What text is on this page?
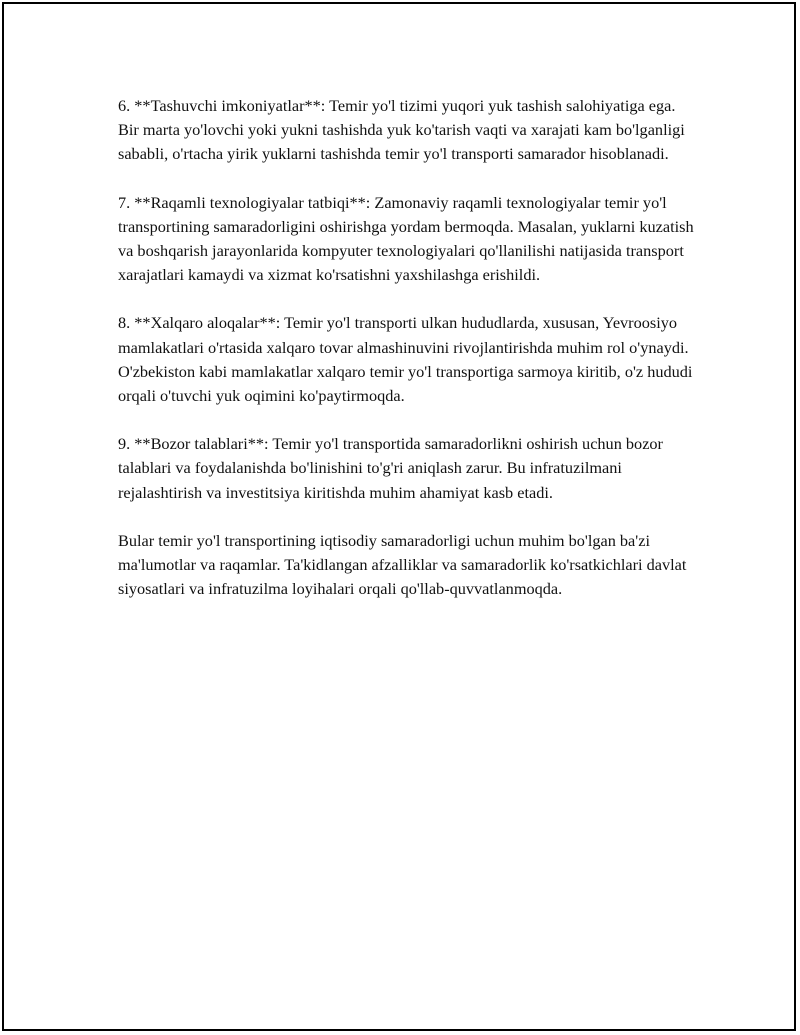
6. **Tashuvchi imkoniyatlar**: Temir yo'l tizimi yuqori yuk tashish salohiyatiga ega. Bir marta yo'lovchi yoki yukni tashishda yuk ko'tarish vaqti va xarajati kam bo'lganligi sababli, o'rtacha yirik yuklarni tashishda temir yo'l transporti samarador hisoblanadi.

7. **Raqamli texnologiyalar tatbiqi**: Zamonaviy raqamli texnologiyalar temir yo'l transportining samaradorligini oshirishga yordam bermoqda. Masalan, yuklarni kuzatish va boshqarish jarayonlarida kompyuter texnologiyalari qo'llanilishi natijasida transport xarajatlari kamaydi va xizmat ko'rsatishni yaxshilashga erishildi.

8. **Xalqaro aloqalar**: Temir yo'l transporti ulkan hududlarda, xususan, Yevroosiyo mamlakatlari o'rtasida xalqaro tovar almashinuvini rivojlantirishda muhim rol o'ynaydi. O'zbekiston kabi mamlakatlar xalqaro temir yo'l transportiga sarmoya kiritib, o'z hududi orqali o'tuvchi yuk oqimini ko'paytirmoqda.

9. **Bozor talablari**: Temir yo'l transportida samaradorlikni oshirish uchun bozor talablari va foydalanishda bo'linishini to'g'ri aniqlash zarur. Bu infratuzilmani rejalashtirish va investitsiya kiritishda muhim ahamiyat kasb etadi.

Bular temir yo'l transportining iqtisodiy samaradorligi uchun muhim bo'lgan ba'zi ma'lumotlar va raqamlar. Ta'kidlangan afzalliklar va samaradorlik ko'rsatkichlari davlat siyosatlari va infratuzilma loyihalari orqali qo'llab-quvvatlanmoqda.
